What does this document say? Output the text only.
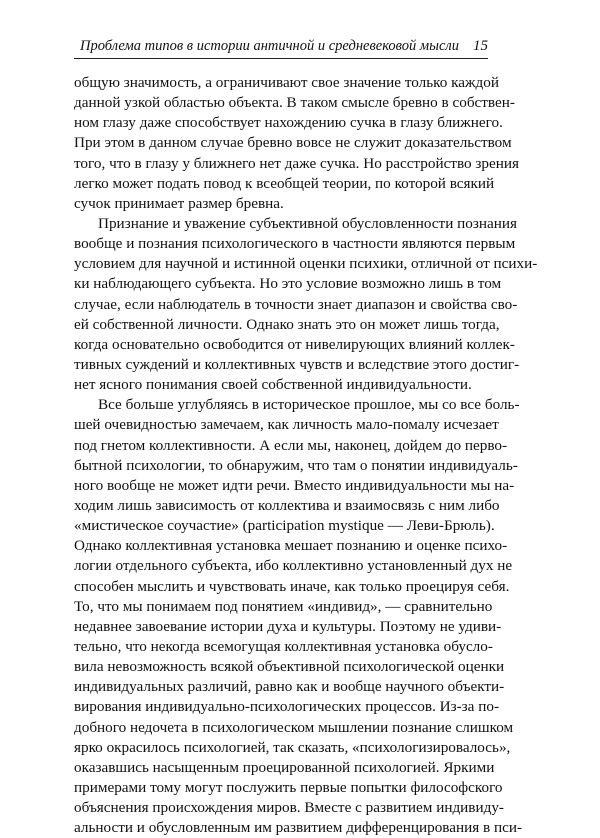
Проблема типов в истории античной и средневековой мысли 15

общую значимость, а ограничивают свое значение только каждой
данной узкой областью объекта. В таком смысле бревно в собствен-
ном глазу даже способствует нахождению сучка в глазу ближнего.
При этом в данном случае бревно вовсе не служит доказательством
того, что в глазу у ближнего нет даже сучка. Но расстройство зрения
легко может подать повод к всеобщей теории, по которой всякий
сучок принимает размер бревна.

Признание и уважение субъективной обусловленности познания
вообще и познания психологического в частности являются первым
условием для научной и истинной оценки психики, отличной от психи-
ки наблюдающего субъекта. Но это условие возможно лишь в том
случае, если наблюдатель в точности знает диапазон и свойства сво-
ей собственной личности. Однако знать это он может лишь тогда,
когда основательно освободится от нивелирующих влияний коллек-
тивных суждений и коллективных чувств и вследствие этого достиг-
нет ясного понимания своей собственной индивидуальности.

Все больше углубляясь в историческое прошлое, мы со все боль-
шей очевидностью замечаем, как личность мало-помалу исчезает
под гнетом коллективности. А если мы, наконец, дойдем до перво-
бытной психологии, то обнаружим, что там о понятии индивидуаль-
ного вообще не может идти речи. Вместо индивидуальности мы на-
ходим лишь зависимость от коллектива и взаимосвязь с ним либо
«мистическое соучастие» (participation mystique — Леви-Брюль).
Однако коллективная установка мешает познанию и оценке психо-
логии отдельного субъекта, ибо коллективно установленный дух не
способен мыслить и чувствовать иначе, как только проецируя себя.
То, что мы понимаем под понятием «индивид», — сравнительно
недавнее завоевание истории духа и культуры. Поэтому не удиви-
тельно, что некогда всемогущая коллективная установка обусло-
вила невозможность всякой объективной психологической оценки
индивидуальных различий, равно как и вообще научного объекти-
вирования индивидуально-психологических процессов. Из-за по-
добного недочета в психологическом мышлении познание слишком
ярко окрасилось психологией, так сказать, «психологизировалось»,
оказавшись насыщенным проецированной психологией. Яркими
примерами тому могут послужить первые попытки философского
объяснения происхождения миров. Вместе с развитием индивиду-
альности и обусловленным им развитием дифференцирования в пси-
